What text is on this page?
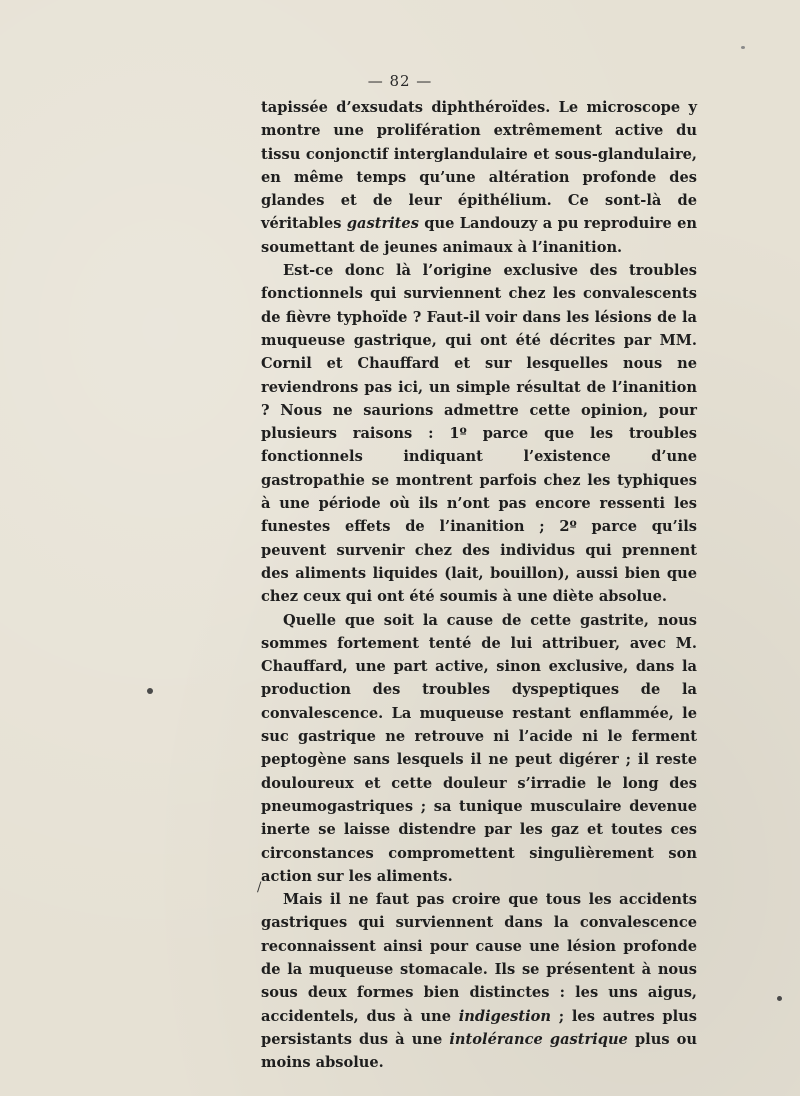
— 82 —

tapissée d’exsudats diphthéroïdes. Le microscope y montre une prolifération extrêmement active du tissu conjonctif interglandulaire et sous-glandulaire, en même temps qu’une altération profonde des glandes et de leur épithélium. Ce sont-là de véritables gastrites que Landouzy a pu reproduire en soumettant de jeunes animaux à l’inanition.

Est-ce donc là l’origine exclusive des troubles fonctionnels qui surviennent chez les convalescents de fièvre typhoïde ? Faut-il voir dans les lésions de la muqueuse gastrique, qui ont été décrites par MM. Cornil et Chauffard et sur lesquelles nous ne reviendrons pas ici, un simple résultat de l’inanition ? Nous ne saurions admettre cette opinion, pour plusieurs raisons : 1º parce que les troubles fonctionnels indiquant l’existence d’une gastropathie se montrent parfois chez les typhiques à une période où ils n’ont pas encore ressenti les funestes effets de l’inanition ; 2º parce qu’ils peuvent survenir chez des individus qui prennent des aliments liquides (lait, bouillon), aussi bien que chez ceux qui ont été soumis à une diète absolue.

Quelle que soit la cause de cette gastrite, nous sommes fortement tenté de lui attribuer, avec M. Chauffard, une part active, sinon exclusive, dans la production des troubles dyspeptiques de la convalescence. La muqueuse restant enflammée, le suc gastrique ne retrouve ni l’acide ni le ferment peptogène sans lesquels il ne peut digérer ; il reste douloureux et cette douleur s’irradie le long des pneumogastriques ; sa tunique musculaire devenue inerte se laisse distendre par les gaz et toutes ces circonstances compromettent singulièrement son action sur les aliments.

Mais il ne faut pas croire que tous les accidents gastriques qui surviennent dans la convalescence reconnaissent ainsi pour cause une lésion profonde de la muqueuse stomacale. Ils se présentent à nous sous deux formes bien distinctes : les uns aigus, accidentels, dus à une indigestion ; les autres plus persistants dus à une intolérance gastrique plus ou moins absolue.

/
